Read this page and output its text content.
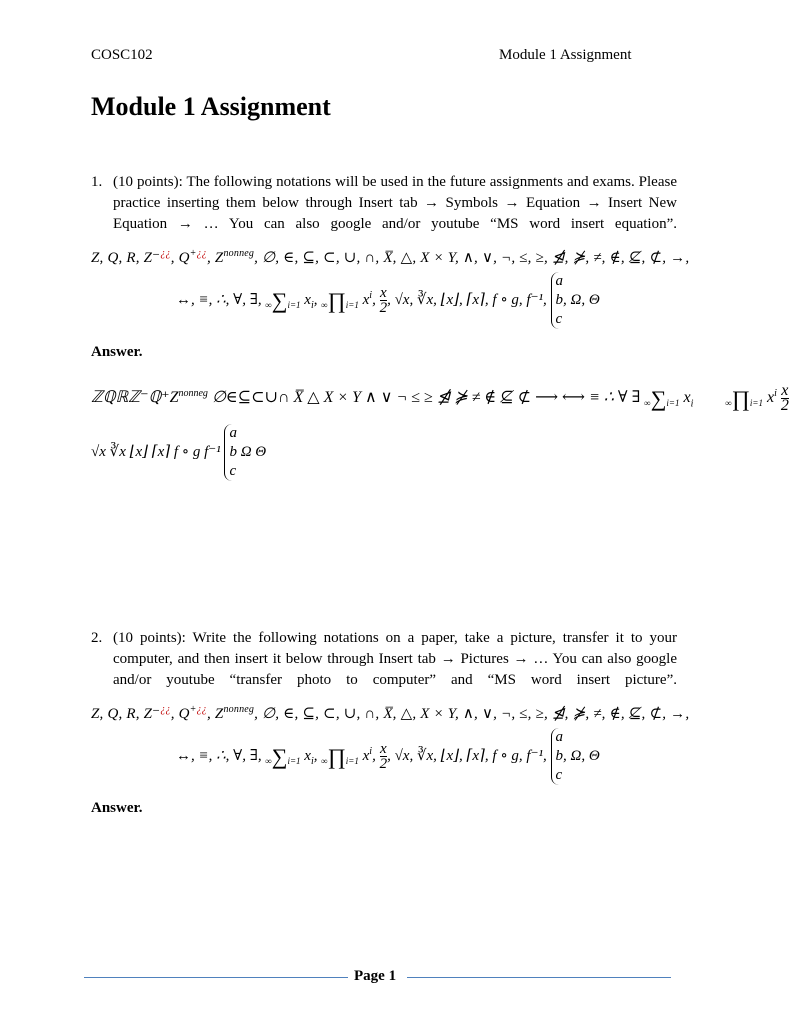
COSC102	Module 1 Assignment
Module 1 Assignment
1. (10 points): The following notations will be used in the future assignments and exams. Please practice inserting them below through Insert tab → Symbols → Equation → Insert New Equation → … You can also google and/or youtube “MS word insert equation”.
Z, Q, R, Z⁻¿¿, Q+¿¿, $Z^{nonneg}$, ∅, ∈, ⊆, ⊂, ∪, ∩, X̅, △, X × Y, ∧, ∨, ¬, ≤, ≥, ⋬, ⋡, ≠, ∉, ⊈, ⊄, →,
↔, ≡, ∴, ∀, ∃, ∞∑i=1 $x_i$, ∞∏i=1 $x^i$, $\frac{x}{2}$ , √x, ∛x, ⌊x⌋, ⌈x⌉, f ∘ g, f⁻¹,
a
b, Ω, Θ
c
Answer.
$ℤℚℝℤ^-ℚ^+Z^{nonneg}$ ∅∈⊆⊂∪∩ X̅ △ X × Y ∧ ∨ ¬ ≤ ≥ ⋬ ⋡ ≠ ∉ ⊈ ⊄ ⟶ ⟷ ≡ ∴ ∀ ∃ ∞∑i=1 $x_i$	∞∏i=1 $x^i \frac{x}{2}$
√x ∛x ⌊x⌋ ⌈x⌉ f ∘ g f⁻¹
a
b Ω Θ
c
2. (10 points): Write the following notations on a paper, take a picture, transfer it to your computer, and then insert it below through Insert tab → Pictures → … You can also google and/or youtube “transfer photo to computer” and “MS word insert picture”.
Z, Q, R, Z⁻¿¿, Q+¿¿, $Z^{nonneg}$, ∅, ∈, ⊆, ⊂, ∪, ∩, X̅, △, X × Y, ∧, ∨, ¬, ≤, ≥, ⋬, ⋡, ≠, ∉, ⊈, ⊄, →,
↔, ≡, ∴, ∀, ∃, ∞∑i=1 $x_i$, ∞∏i=1 $x^i$, $\frac{x}{2}$ , √x, ∛x, ⌊x⌋, ⌈x⌉, f ∘ g, f⁻¹,
a
b, Ω, Θ
c
Answer.
Page 1
